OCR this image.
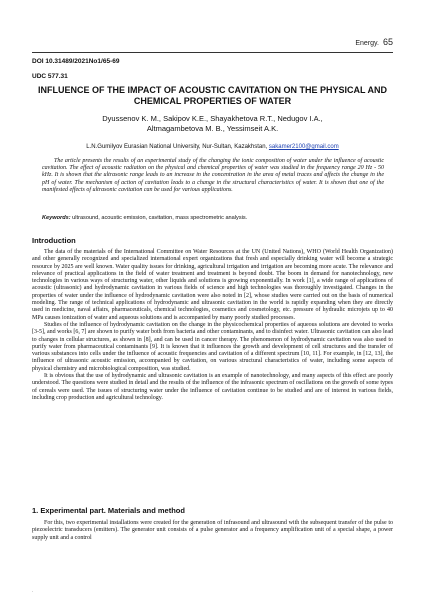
Energy. 65
DOI 10.31489/2021No1/65-69
UDC 577.31
INFLUENCE OF THE IMPACT OF ACOUSTIC CAVITATION ON THE PHYSICAL AND CHEMICAL PROPERTIES OF WATER
Dyussenov K. M., Sakipov K.E., Shayakhetova R.T., Nedugov I.A.,
Altmagambetova M. B., Yessimseit A.K.
L.N.Gumilyov Eurasian National University, Nur-Sultan, Kazakhstan, sakamer2100@gmail.com

The article presents the results of an experimental study of the changing the ionic composition of water under the influence of acoustic cavitation. The effect of acoustic radiation on the physical and chemical properties of water was studied in the frequency range 20 Hz - 50 kHz. It is shown that the ultrasonic range leads to an increase in the concentration in the area of metal traces and affects the change in the pH of water. The mechanism of action of cavitation leads to a change in the structural characteristics of water. It is shown that one of the manifested effects of ultrasonic cavitation can be used for various applications.

Keywords: ultrasound, acoustic emission, cavitation, mass spectrometric analysis.
Introduction

The data of the materials of the International Committee on Water Resources at the UN (United Nations), WHO (World Health Organization) and other generally recognized and specialized international expert organizations that fresh and especially drinking water will become a strategic resource by 2025 are well known. Water quality issues for drinking, agricultural irrigation and irrigation are becoming more acute. The relevance and relevance of practical applications in the field of water treatment and treatment is beyond doubt. The boom in demand for nanotechnology, new technologies in various ways of structuring water, other liquids and solutions is growing exponentially. In work [1], a wide range of applications of acoustic (ultrasonic) and hydrodynamic cavitation in various fields of science and high technologies was thoroughly investigated. Changes in the properties of water under the influence of hydrodynamic cavitation were also noted in [2], whose studies were carried out on the basis of numerical modeling. The range of technical applications of hydrodynamic and ultrasonic cavitation in the world is rapidly expanding when they are directly used in medicine, naval affairs, pharmaceuticals, chemical technologies, cosmetics and cosmetology, etc. pressure of hydraulic microjets up to 40 MPa causes ionization of water and aqueous solutions and is accompanied by many poorly studied processes.

Studies of the influence of hydrodynamic cavitation on the change in the physicochemical properties of aqueous solutions are devoted to works [3-5], and works [6, 7] are shown to purify water both from bacteria and other contaminants, and to disinfect water. Ultrasonic cavitation can also lead to changes in cellular structures, as shown in [8], and can be used in cancer therapy. The phenomenon of hydrodynamic cavitation was also used to purify water from pharmaceutical contaminants [9]. It is known that it influences the growth and development of cell structures and the transfer of various substances into cells under the influence of acoustic frequencies and cavitation of a different spectrum [10, 11]. For example, in [12, 13], the influence of ultrasonic acoustic emission, accompanied by cavitation, on various structural characteristics of water, including some aspects of physical chemistry and microbiological composition, was studied.

It is obvious that the use of hydrodynamic and ultrasonic cavitation is an example of nanotechnology, and many aspects of this effect are poorly understood. The questions were studied in detail and the results of the influence of the infrasonic spectrum of oscillations on the growth of some types of cereals were used. The issues of structuring water under the influence of cavitation continue to be studied and are of interest in various fields, including crop production and agricultural technology.

1. Experimental part. Materials and method

For this, two experimental installations were created for the generation of infrasound and ultrasound with the subsequent transfer of the pulse to piezoelectric transducers (emitters). The generator unit consists of a pulse generator and a frequency amplification unit of a special shape, a power supply unit and a control

.
